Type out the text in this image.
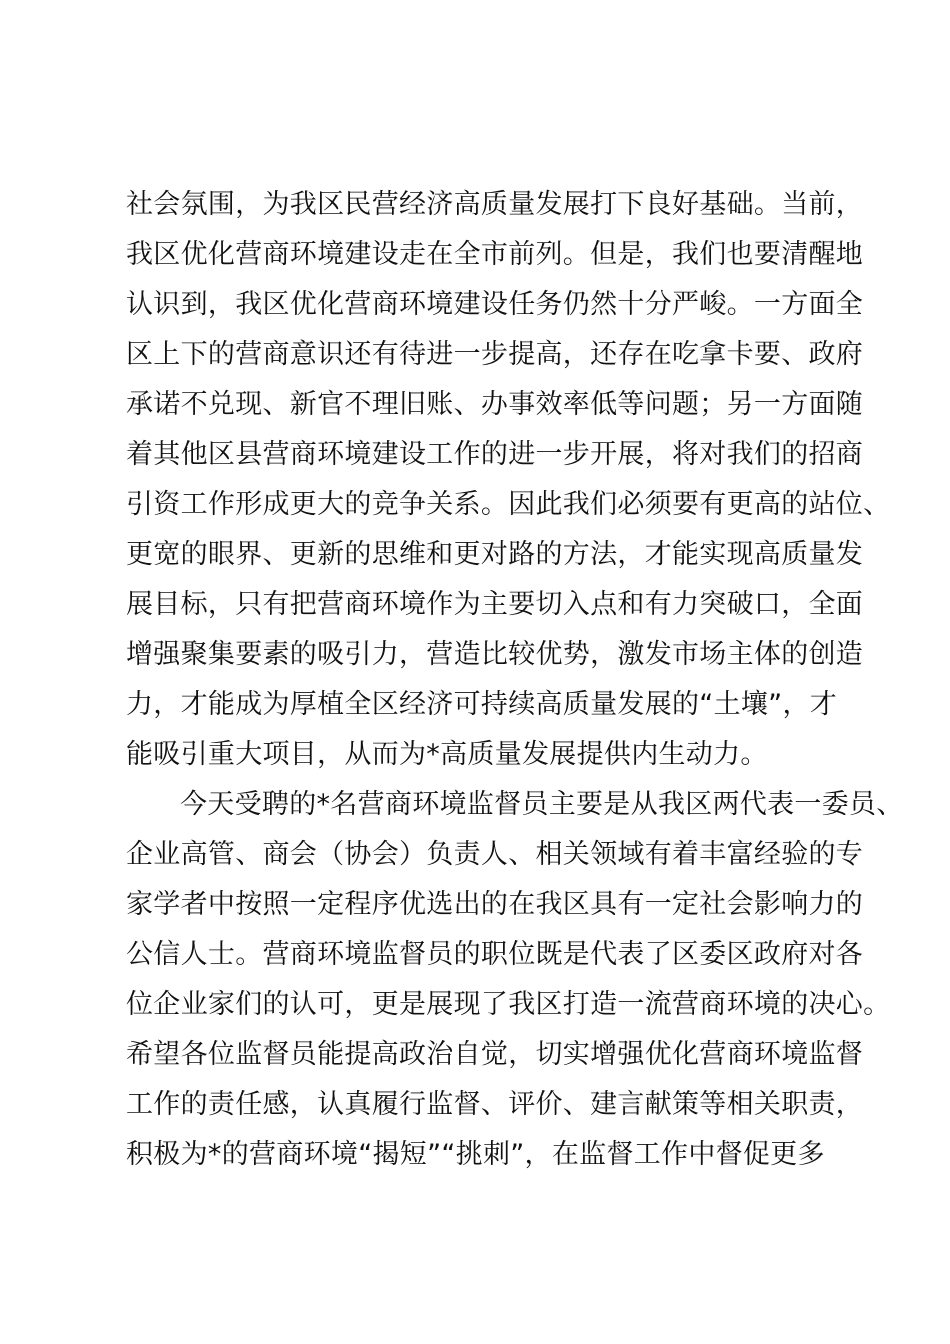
社会氛围，为我区民营经济高质量发展打下良好基础。当前，
我区优化营商环境建设走在全市前列。但是，我们也要清醒地
认识到，我区优化营商环境建设任务仍然十分严峻。一方面全
区上下的营商意识还有待进一步提高，还存在吃拿卡要、政府
承诺不兑现、新官不理旧账、办事效率低等问题；另一方面随
着其他区县营商环境建设工作的进一步开展，将对我们的招商
引资工作形成更大的竞争关系。因此我们必须要有更高的站位、
更宽的眼界、更新的思维和更对路的方法，才能实现高质量发
展目标，只有把营商环境作为主要切入点和有力突破口，全面
增强聚集要素的吸引力，营造比较优势，激发市场主体的创造
力，才能成为厚植全区经济可持续高质量发展的“土壤”，才
能吸引重大项目，从而为*高质量发展提供内生动力。
今天受聘的*名营商环境监督员主要是从我区两代表一委员、
企业高管、商会（协会）负责人、相关领域有着丰富经验的专
家学者中按照一定程序优选出的在我区具有一定社会影响力的
公信人士。营商环境监督员的职位既是代表了区委区政府对各
位企业家们的认可，更是展现了我区打造一流营商环境的决心。
希望各位监督员能提高政治自觉，切实增强优化营商环境监督
工作的责任感，认真履行监督、评价、建言献策等相关职责，
积极为*的营商环境“揭短”“挑刺”，在监督工作中督促更多
